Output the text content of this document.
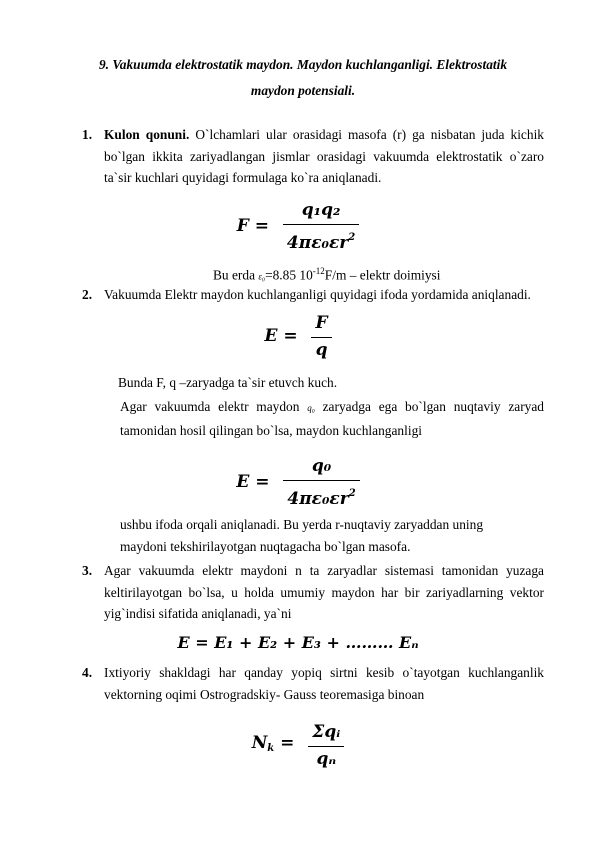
9. Vakuumda elektrostatik maydon. Maydon kuchlanganligi. Elektrostatik
maydon potensiali.
1. Kulon qonuni. O`lchamlari ular orasidagi masofa (r) ga nisbatan juda kichik bo`lgan ikkita zariyadlangan jismlar orasidagi vakuumda elektrostatik o`zaro ta`sir kuchlari quyidagi formulaga ko`ra aniqlanadi.
$F = \frac{\text{q₁q₂}}{4\pi\varepsilon_0\varepsilon r^2}$
Bu erda ε₀=8.85 $10^{-12}F/m$ – elektr doimiysi
2. Vakuumda Elektr maydon kuchlanganligi quyidagi ifoda yordamida aniqlanadi.
$E = \frac{F}{q}$
Bunda F, q –zaryadga ta`sir etuvch kuch.
Agar vakuumda elektr maydon q₀ zaryadga ega bo`lgan nuqtaviy zaryad tamonidan hosil qilingan bo`lsa, maydon kuchlanganligi
$E = \frac{\text{q₀}}{4\pi\varepsilon_0\varepsilon r^2}$
ushbu ifoda orqali aniqlanadi. Bu yerda r-nuqtaviy zaryaddan uning
maydoni tekshirilayotgan nuqtagacha bo`lgan masofa.
3. Agar vakuumda elektr maydoni n ta zaryadlar sistemasi tamonidan yuzaga keltirilayotgan bo`lsa, u holda umumiy maydon har bir zariyadlarning vektor yig`indisi sifatida aniqlanadi, ya`ni
E = E₁ + E₂ + E₃ + ……… Eₙ
4. Ixtiyoriy shakldagi har qanday yopiq sirtni kesib o`tayotgan kuchlanganlik vektorning oqimi Ostrogradskiy- Gauss teoremasiga binoan
$N_k = \frac{\text{Σqᵢ}}{\text{qₙ}}$
